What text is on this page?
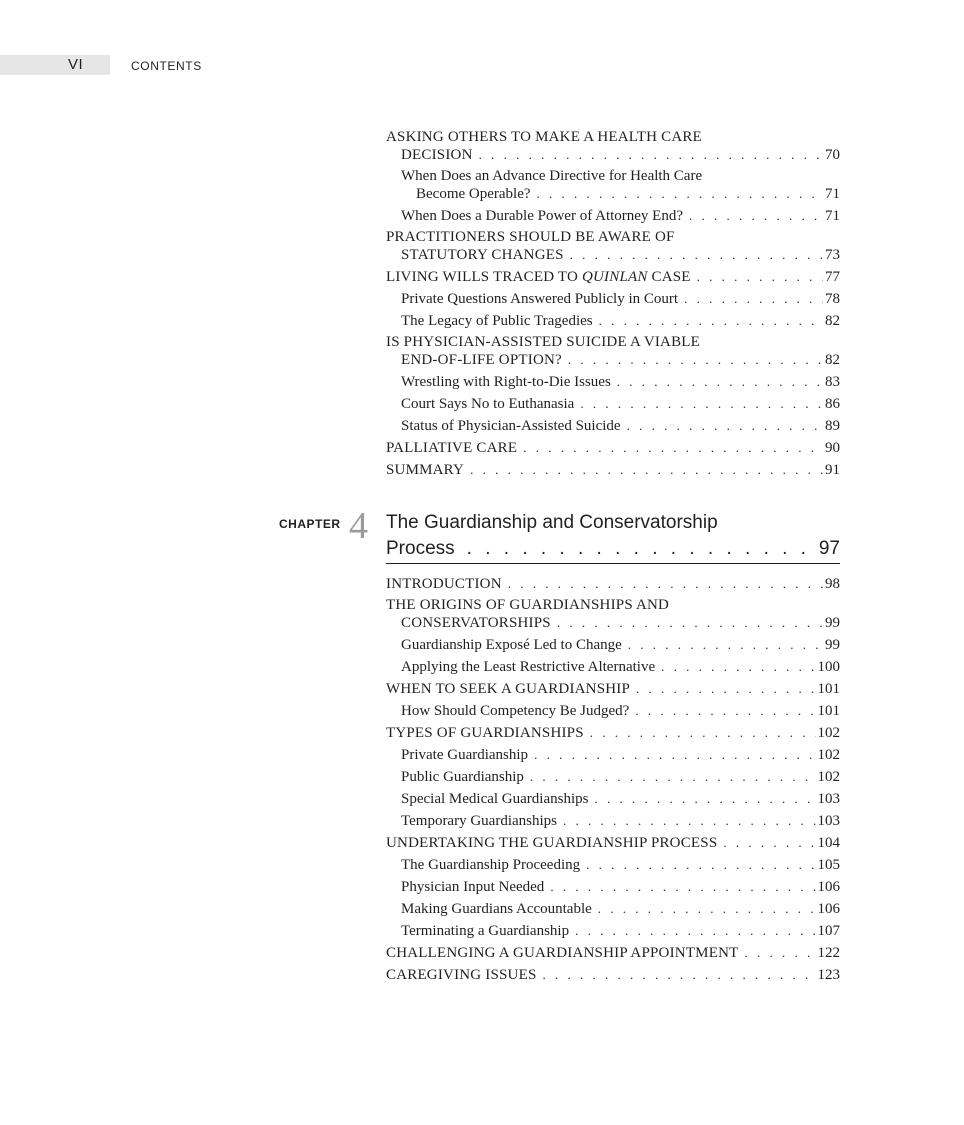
VI	CONTENTS
ASKING OTHERS TO MAKE A HEALTH CARE
DECISION . . .	70
When Does an Advance Directive for Health Care
Become Operable? . . .	71
When Does a Durable Power of Attorney End? . . .	71
PRACTITIONERS SHOULD BE AWARE OF
STATUTORY CHANGES . . .	73
LIVING WILLS TRACED TO QUINLAN CASE . . .	77
Private Questions Answered Publicly in Court . . .	78
The Legacy of Public Tragedies . . .	82
IS PHYSICIAN-ASSISTED SUICIDE A VIABLE
END-OF-LIFE OPTION? . . .	82
Wrestling with Right-to-Die Issues . . .	83
Court Says No to Euthanasia . . .	86
Status of Physician-Assisted Suicide . . .	89
PALLIATIVE CARE . . .	90
SUMMARY . . .	91
CHAPTER 4 The Guardianship and Conservatorship
Process . . .	97
INTRODUCTION . . .	98
THE ORIGINS OF GUARDIANSHIPS AND
CONSERVATORSHIPS . . .	99
Guardianship Exposé Led to Change . . .	99
Applying the Least Restrictive Alternative . . .	100
WHEN TO SEEK A GUARDIANSHIP . . .	101
How Should Competency Be Judged? . . .	101
TYPES OF GUARDIANSHIPS . . .	102
Private Guardianship . . .	102
Public Guardianship . . .	102
Special Medical Guardianships . . .	103
Temporary Guardianships . . .	103
UNDERTAKING THE GUARDIANSHIP PROCESS . . .	104
The Guardianship Proceeding . . .	105
Physician Input Needed . . .	106
Making Guardians Accountable . . .	106
Terminating a Guardianship . . .	107
CHALLENGING A GUARDIANSHIP APPOINTMENT . . .	122
CAREGIVING ISSUES . . .	123
